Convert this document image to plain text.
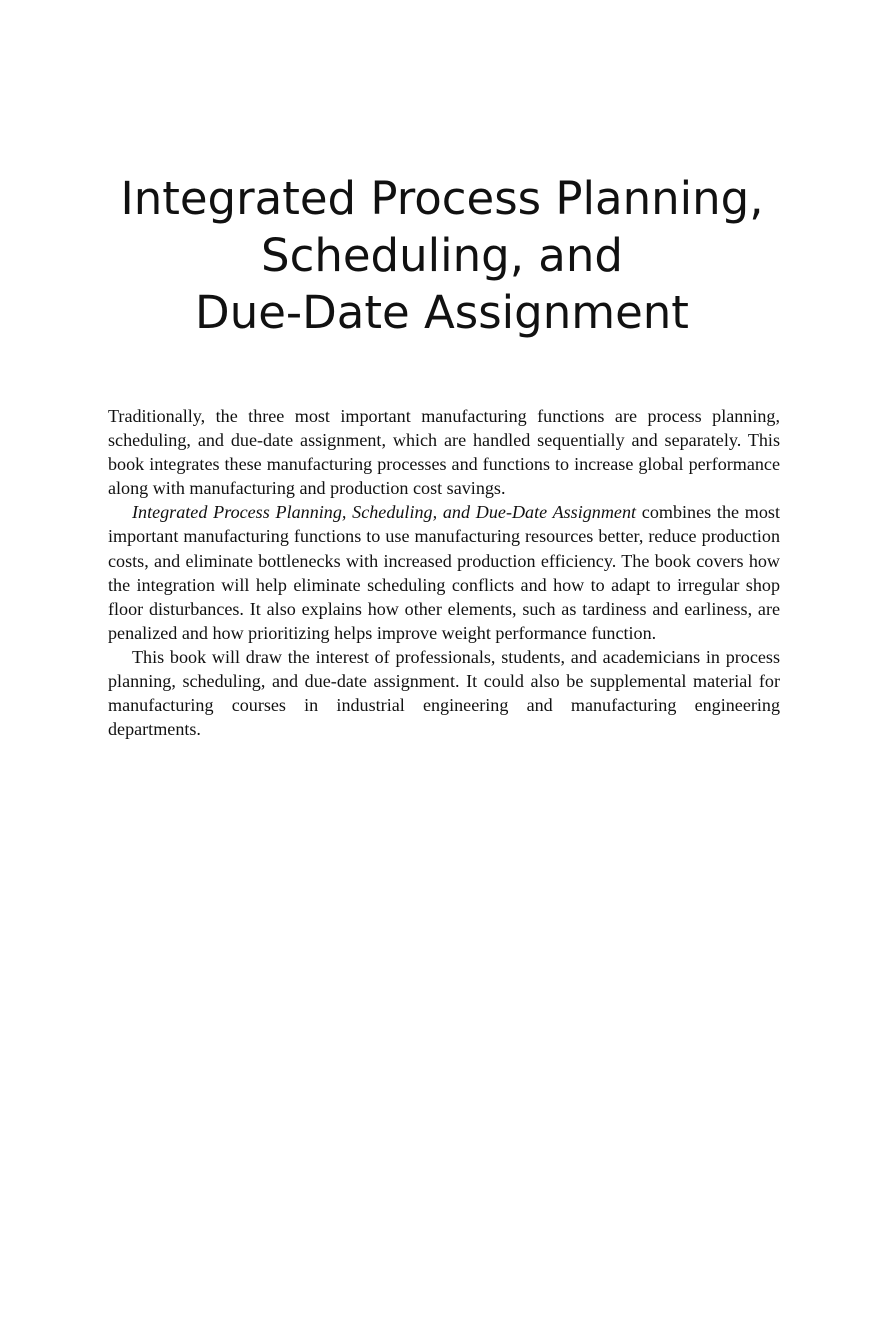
Integrated Process Planning,
Scheduling, and
Due-Date Assignment

Traditionally, the three most important manufacturing functions are process planning, scheduling, and due-date assignment, which are handled sequentially and separately. This book integrates these manufacturing processes and functions to increase global performance along with manufacturing and production cost savings.

Integrated Process Planning, Scheduling, and Due-Date Assignment combines the most important manufacturing functions to use manufacturing resources better, reduce production costs, and eliminate bottlenecks with increased production efficiency. The book covers how the integration will help eliminate scheduling conflicts and how to adapt to irregular shop floor disturbances. It also explains how other elements, such as tardiness and earliness, are penalized and how prioritizing helps improve weight performance function.

This book will draw the interest of professionals, students, and academicians in process planning, scheduling, and due-date assignment. It could also be supplemental material for manufacturing courses in industrial engineering and manufacturing engineering departments.
